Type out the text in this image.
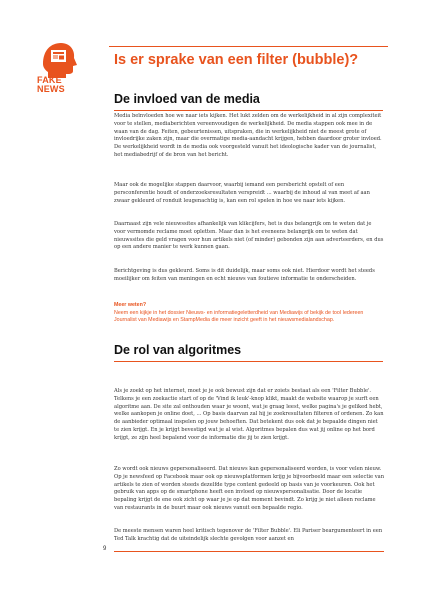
FAKE NEWS
Is er sprake van een filter (bubble)?
De invloed van de media

Media beïnvloeden hoe we naar iets kijken. Het lukt zelden om de werkelijkheid in al zijn complexiteit voor te stellen, mediaberichten vereenvoudigen de werkelijkheid. De media stappen ook mee in de waan van de dag. Feiten, gebeurtenissen, uitspraken, die in werkelijkheid niet de meest grote of invloedrijke zaken zijn, maar die overmatige media-aandacht krijgen, hebben daardoor groter invloed. De werkelijkheid wordt in de media ook voorgesteld vanuit het ideologische kader van de journalist, het mediabedrijf of de bron van het bericht.

Maar ook de mogelijke stappen daarvoor, waarbij iemand een persbericht opstelt of een persconferentie houdt of onderzoeksresultaten verspreidt ... waarbij de inhoud al van meet af aan zwaar gekleurd of ronduit leugenachtig is, kan een rol spelen in hoe we naar iets kijken.

Daarnaast zijn vele nieuwssites afhankelijk van klikcijfers, het is dus belangrijk om te weten dat je voor vermomde reclame moet opletten. Maar dan is het eveneens belangrijk om te weten dat nieuwssites die geld vragen voor hun artikels niet (of minder) gebonden zijn aan adverteerders, en dus op een andere manier te werk kunnen gaan.

Berichtgeving is dus gekleurd. Soms is dit duidelijk, maar soms ook niet. Hierdoor wordt het steeds moeilijker om feiten van meningen en echt nieuws van foutieve informatie te onderscheiden.

Meer weten?
Neem een kijkje in het dossier Nieuws- en informatiegeletterdheid van Mediawijs of bekijk de tool Iedereen Journalist van Mediawijs en StampMedia die meer inzicht geeft in het nieuwsmedialandschap.
De rol van algoritmes

Als je zoekt op het internet, moet je je ook bewust zijn dat er zoiets bestaat als een 'Filter Bubble'. Telkens je een zoekactie start of op de 'Vind ik leuk'-knop klikt, maakt de website waarop je surft een algoritme aan. De site zal onthouden waar je woont, wat je graag leest, welke pagina's je geliked hebt, welke aankopen je online doet, ... Op basis daarvan zal hij je zoekresultaten filteren of ordenen. Zo kan de aanbieder optimaal inspelen op jouw behoeften. Dat betekent dus ook dat je bepaalde dingen niet te zien krijgt. En je krijgt bevestigd wat je al wist. Algoritmes bepalen dus wat jij online op het bord krijgt, ze zijn heel bepalend voor de informatie die jij te zien krijgt.

Zo wordt ook nieuws gepersonaliseerd. Dat nieuws kan gepersonaliseerd worden, is voor velen nieuw. Op je newsfeed op Facebook maar ook op nieuwsplatformen krijg je bijvoorbeeld maar een selectie van artikels te zien of worden steeds dezelfde type content gedeeld op basis van je voorkeuren. Ook het gebruik van apps op de smartphone heeft een invloed op nieuwspersonalisatie. Door de locatie bepaling krijgt de ene ook zicht op waar je je op dat moment bevindt. Zo krijg je niet alleen reclame van restaurants in de buurt maar ook nieuws vanuit een bepaalde regio.

De meeste mensen waren heel kritisch tegenover de 'Filter Bubble'. Eli Pariser beargumenteert in een Ted Talk krachtig dat de uiteindelijk slechte gevolgen voor aanzet en

9
